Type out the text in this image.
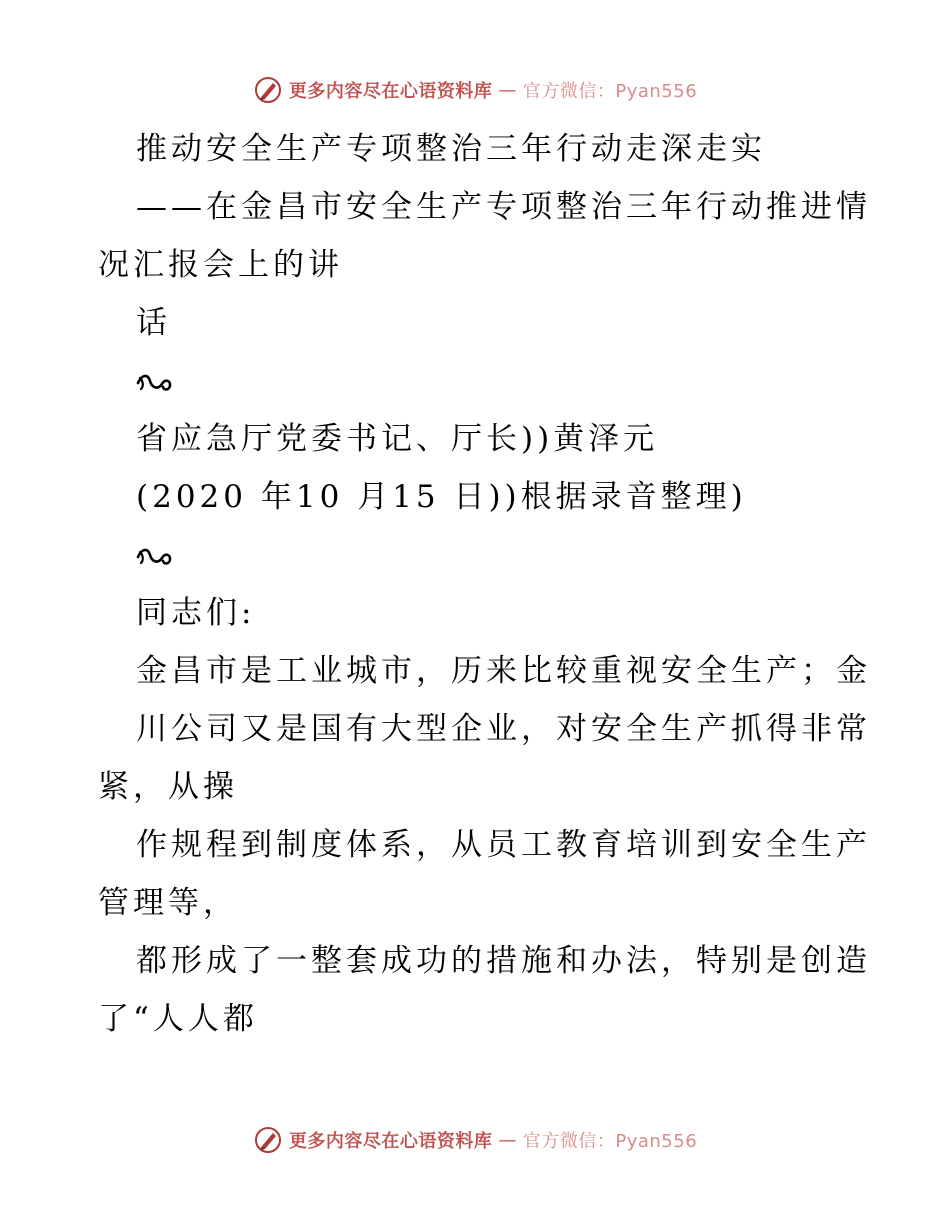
更多内容尽在心语资料库 — 官方微信：Pyan556
推动安全生产专项整治三年行动走深走实
——在金昌市安全生产专项整治三年行动推进情
况汇报会上的讲
话
省应急厅党委书记、厅长))黄泽元
(2020 年10 月15 日))根据录音整理)
同志们:
金昌市是工业城市，历来比较重视安全生产；金
川公司又是国有大型企业，对安全生产抓得非常
紧，从操
作规程到制度体系，从员工教育培训到安全生产
管理等，
都形成了一整套成功的措施和办法，特别是创造
了“人人都
更多内容尽在心语资料库 — 官方微信：Pyan556
